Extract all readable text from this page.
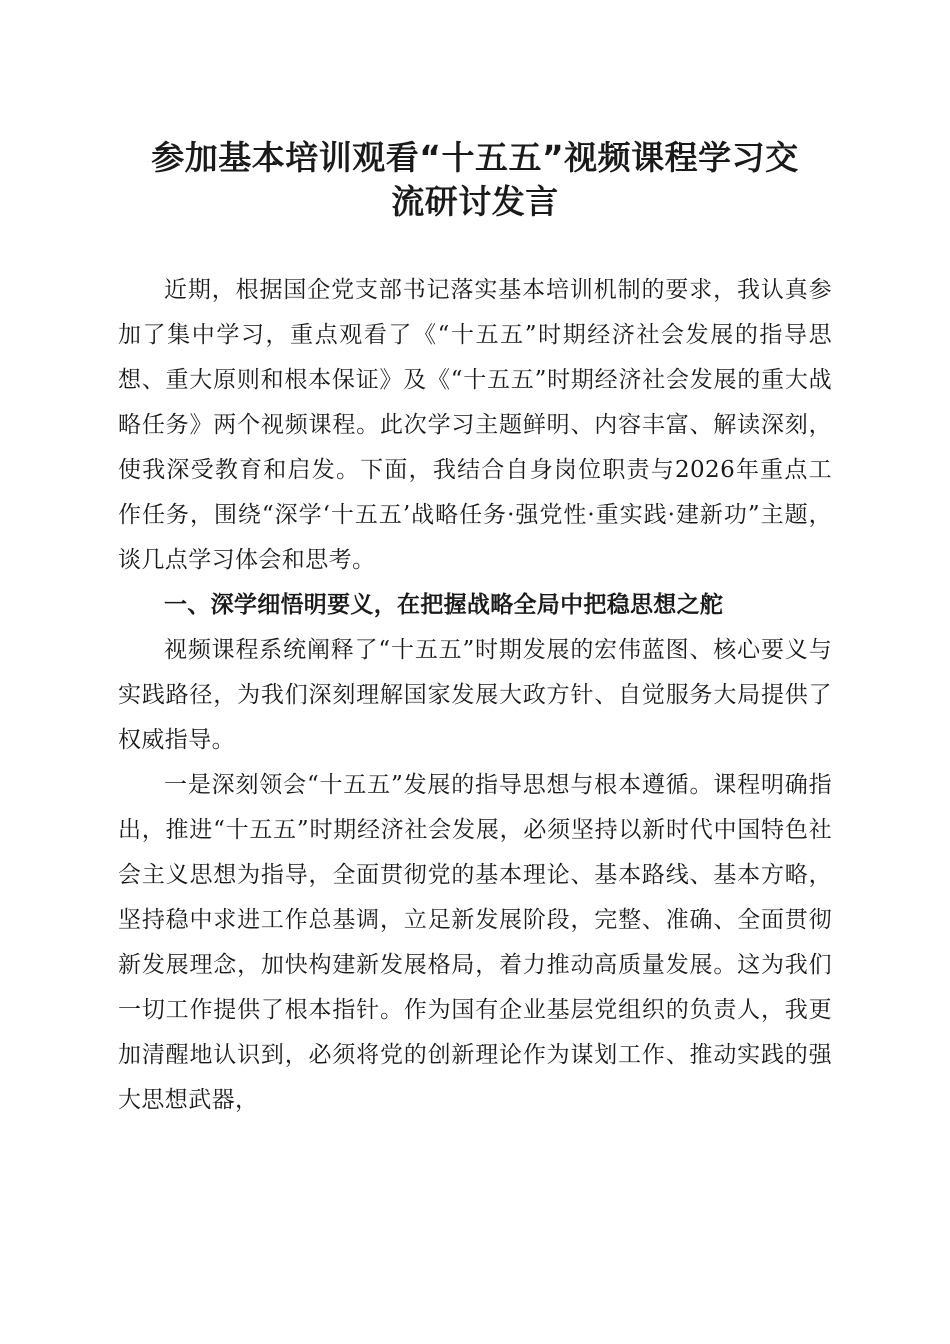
参加基本培训观看“十五五”视频课程学习交
流研讨发言

近期，根据国企党支部书记落实基本培训机制的要求，我认真参加了集中学习，重点观看了《“十五五”时期经济社会发展的指导思想、重大原则和根本保证》及《“十五五”时期经济社会发展的重大战略任务》两个视频课程。此次学习主题鲜明、内容丰富、解读深刻，使我深受教育和启发。下面，我结合自身岗位职责与2026年重点工作任务，围绕“深学‘十五五’战略任务·强党性·重实践·建新功”主题，谈几点学习体会和思考。

一、深学细悟明要义，在把握战略全局中把稳思想之舵

视频课程系统阐释了“十五五”时期发展的宏伟蓝图、核心要义与实践路径，为我们深刻理解国家发展大政方针、自觉服务大局提供了权威指导。

一是深刻领会“十五五”发展的指导思想与根本遵循。课程明确指出，推进“十五五”时期经济社会发展，必须坚持以新时代中国特色社会主义思想为指导，全面贯彻党的基本理论、基本路线、基本方略，坚持稳中求进工作总基调，立足新发展阶段，完整、准确、全面贯彻新发展理念，加快构建新发展格局，着力推动高质量发展。这为我们一切工作提供了根本指针。作为国有企业基层党组织的负责人，我更加清醒地认识到，必须将党的创新理论作为谋划工作、推动实践的强大思想武器，
